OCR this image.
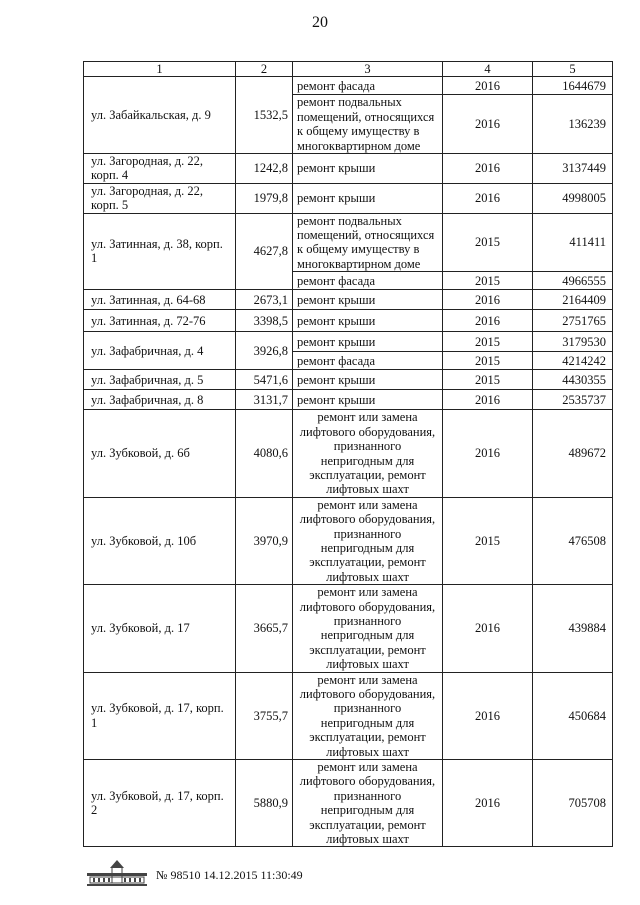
20
1	2	3	4	5
ул. Забайкальская, д. 9	1532,5	ремонт фасада	2016	1644679
		ремонт подвальных помещений, относящихся к общему имуществу в многоквартирном доме	2016	136239
ул. Загородная, д. 22, корп. 4	1242,8	ремонт крыши	2016	3137449
ул. Загородная, д. 22, корп. 5	1979,8	ремонт крыши	2016	4998005
ул. Затинная, д. 38, корп. 1	4627,8	ремонт подвальных помещений, относящихся к общему имуществу в многоквартирном доме	2015	411411
		ремонт фасада	2015	4966555
ул. Затинная, д. 64-68	2673,1	ремонт крыши	2016	2164409
ул. Затинная, д. 72-76	3398,5	ремонт крыши	2016	2751765
ул. Зафабричная, д. 4	3926,8	ремонт крыши	2015	3179530
		ремонт фасада	2015	4214242
ул. Зафабричная, д. 5	5471,6	ремонт крыши	2015	4430355
ул. Зафабричная, д. 8	3131,7	ремонт крыши	2016	2535737
ул. Зубковой, д. 6б	4080,6	ремонт или замена лифтового оборудования, признанного непригодным для эксплуатации, ремонт лифтовых шахт	2016	489672
ул. Зубковой, д. 10б	3970,9	ремонт или замена лифтового оборудования, признанного непригодным для эксплуатации, ремонт лифтовых шахт	2015	476508
ул. Зубковой, д. 17	3665,7	ремонт или замена лифтового оборудования, признанного непригодным для эксплуатации, ремонт лифтовых шахт	2016	439884
ул. Зубковой, д. 17, корп. 1	3755,7	ремонт или замена лифтового оборудования, признанного непригодным для эксплуатации, ремонт лифтовых шахт	2016	450684
ул. Зубковой, д. 17, корп. 2	5880,9	ремонт или замена лифтового оборудования, признанного непригодным для эксплуатации, ремонт лифтовых шахт	2016	705708
№ 98510 14.12.2015 11:30:49
